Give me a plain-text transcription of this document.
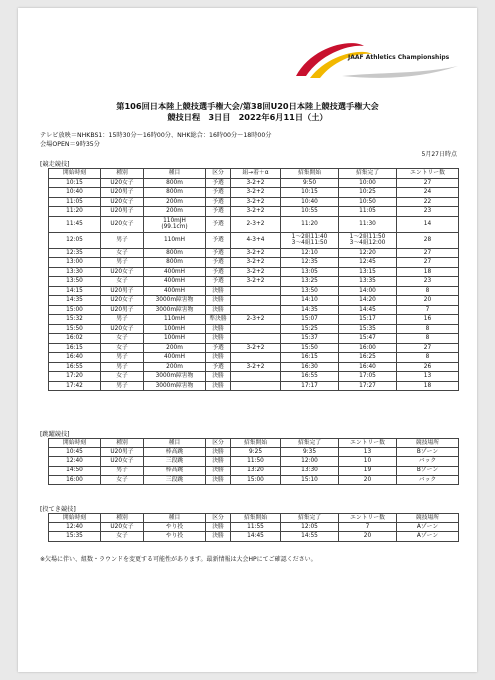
JAAF Athletics Championships
第106回日本陸上競技選手権大会/第38回U20日本陸上競技選手権大会
競技日程　3日目　2022年6月11日（土）
テレビ放映＝NHKBS1：15時30分～16時00分、NHK総合：16時00分～18時00分
会場OPEN＝9時35分
5月27日時点
[競走競技]
開始時刻	種別	種目	区分	組→着＋α	招集開始	招集完了	エントリー数
10:15	U20女子	800m	予選	3-2+2	9:50	10:00	27
10:40	U20男子	800m	予選	3-2+2	10:15	10:25	24
11:05	U20女子	200m	予選	3-2+2	10:40	10:50	22
11:20	U20男子	200m	予選	3-2+2	10:55	11:05	23
11:45	U20女子	110mJH
(99.1cm)	予選	2-3+2	11:20	11:30	14
12:05	男子	110mH	予選	4-3+4	1～2組11:40
3～4組11:50	1～2組11:50
3～4組12:00	28
12:35	女子	800m	予選	3-2+2	12:10	12:20	27
13:00	男子	800m	予選	3-2+2	12:35	12:45	27
13:30	U20女子	400mH	予選	3-2+2	13:05	13:15	18
13:50	女子	400mH	予選	3-2+2	13:25	13:35	23
14:15	U20男子	400mH	決勝		13:50	14:00	8
14:35	U20女子	3000m障害物	決勝		14:10	14:20	20
15:00	U20男子	3000m障害物	決勝		14:35	14:45	7
15:32	男子	110mH	準決勝	2-3+2	15:07	15:17	16
15:50	U20女子	100mH	決勝		15:25	15:35	8
16:02	女子	100mH	決勝		15:37	15:47	8
16:15	女子	200m	予選	3-2+2	15:50	16:00	27
16:40	男子	400mH	決勝		16:15	16:25	8
16:55	男子	200m	予選	3-2+2	16:30	16:40	26
17:20	女子	3000m障害物	決勝		16:55	17:05	13
17:42	男子	3000m障害物	決勝		17:17	17:27	18
[跳躍競技]
開始時刻	種別	種目	区分	招集開始	招集完了	エントリー数	競技場所
10:45	U20男子	棒高跳	決勝	9:25	9:35	13	Bゾーン
12:40	U20女子	三段跳	決勝	11:50	12:00	10	バック
14:50	男子	棒高跳	決勝	13:20	13:30	19	Bゾーン
16:00	女子	三段跳	決勝	15:00	15:10	20	バック
[投てき競技]
開始時刻	種別	種目	区分	招集開始	招集完了	エントリー数	競技場所
12:40	U20女子	やり投	決勝	11:55	12:05	7	Aゾーン
15:35	女子	やり投	決勝	14:45	14:55	20	Aゾーン
※欠場に伴い、組数・ラウンドを変更する可能性があります。最新情報は大会HPにてご確認ください。
